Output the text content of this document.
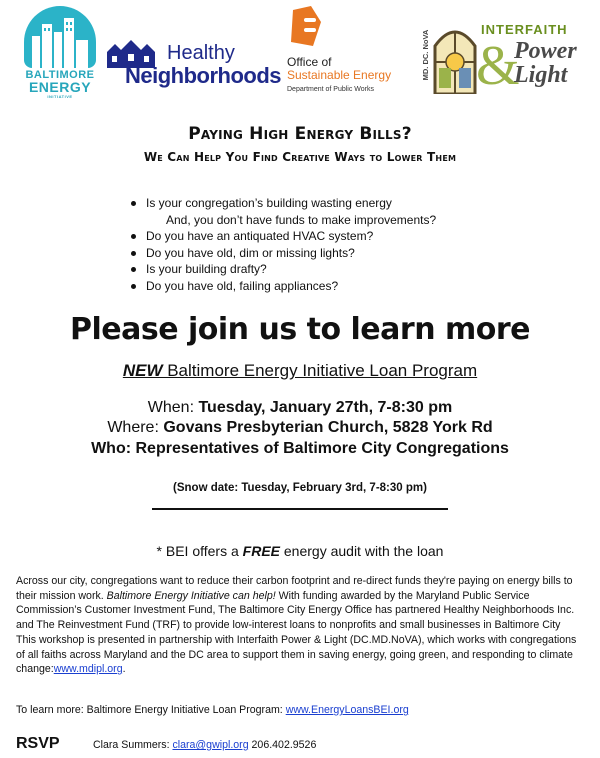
BALTIMORE
ENERGY
INITIATIVE
Healthy
Neighborhoods
Office of
Sustainable Energy
Department of Public Works
MD. DC. NoVA
INTERFAITH
&
Power
Light
Paying High Energy Bills?
We Can Help You Find Creative Ways to Lower Them
Is your congregation’s building wasting energy
And, you don’t have funds to make improvements?
Do you have an antiquated HVAC system?
Do you have old, dim or missing lights?
Is your building drafty?
Do you have old, failing appliances?
Please join us to learn more
NEW Baltimore Energy Initiative Loan Program
When: Tuesday, January 27th, 7-8:30 pm
Where: Govans Presbyterian Church, 5828 York Rd
Who: Representatives of Baltimore City Congregations
(Snow date: Tuesday, February 3rd, 7-8:30 pm)
* BEI offers a FREE energy audit with the loan
Across our city, congregations want to reduce their carbon footprint and re-direct funds they're paying on energy bills to their mission work. Baltimore Energy Initiative can help! With funding awarded by the Maryland Public Service Commission’s Customer Investment Fund, The Baltimore City Energy Office has partnered Healthy Neighborhoods Inc. and The Reinvestment Fund (TRF) to provide low-interest loans to nonprofits and small businesses in Baltimore City
This workshop is presented in partnership with Interfaith Power & Light (DC.MD.NoVA), which works with congregations of all faiths across Maryland and the DC area to support them in saving energy, going green, and responding to climate change:www.mdipl.org.
To learn more: Baltimore Energy Initiative Loan Program: www.EnergyLoansBEI.org
RSVP	Clara Summers: clara@gwipl.org 206.402.9526
